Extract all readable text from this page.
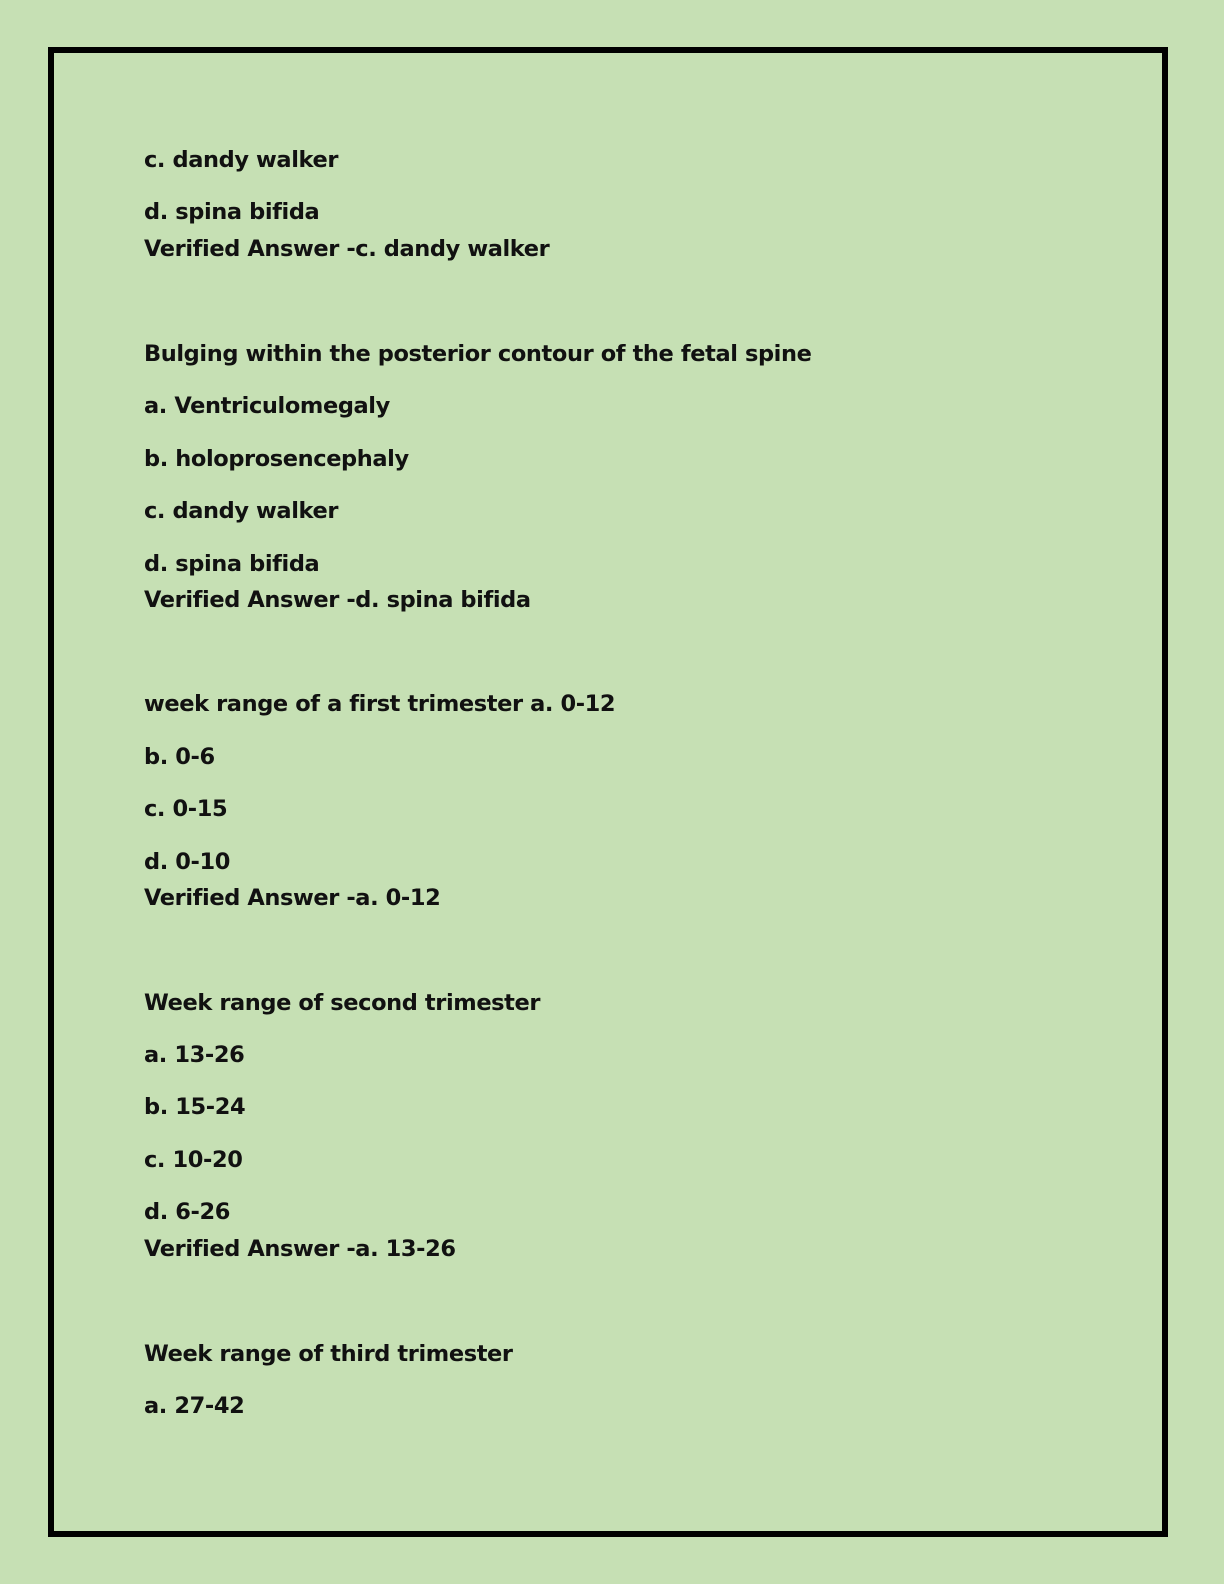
c. dandy walker
d. spina bifida
Verified Answer -c. dandy walker
Bulging within the posterior contour of the fetal spine
a. Ventriculomegaly
b. holoprosencephaly
c. dandy walker
d. spina bifida
Verified Answer -d. spina bifida
week range of a first trimester a. 0-12
b. 0-6
c. 0-15
d. 0-10
Verified Answer -a. 0-12
Week range of second trimester
a. 13-26
b. 15-24
c. 10-20
d. 6-26
Verified Answer -a. 13-26
Week range of third trimester
a. 27-42
